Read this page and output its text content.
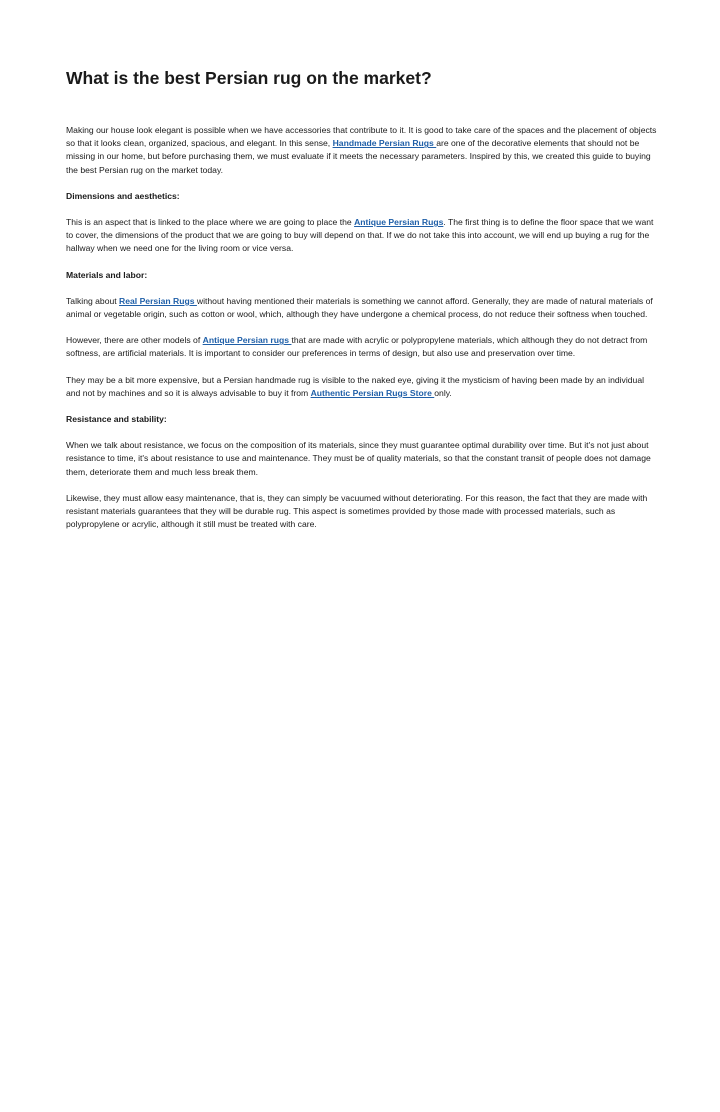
What is the best Persian rug on the market?

Making our house look elegant is possible when we have accessories that contribute to it. It is good to take care of the spaces and the placement of objects so that it looks clean, organized, spacious, and elegant. In this sense, Handmade Persian Rugs are one of the decorative elements that should not be missing in our home, but before purchasing them, we must evaluate if it meets the necessary parameters. Inspired by this, we created this guide to buying the best Persian rug on the market today.

Dimensions and aesthetics:

This is an aspect that is linked to the place where we are going to place the Antique Persian Rugs. The first thing is to define the floor space that we want to cover, the dimensions of the product that we are going to buy will depend on that. If we do not take this into account, we will end up buying a rug for the hallway when we need one for the living room or vice versa.

Materials and labor:

Talking about Real Persian Rugs without having mentioned their materials is something we cannot afford. Generally, they are made of natural materials of animal or vegetable origin, such as cotton or wool, which, although they have undergone a chemical process, do not reduce their softness when touched.

However, there are other models of Antique Persian rugs that are made with acrylic or polypropylene materials, which although they do not detract from softness, are artificial materials. It is important to consider our preferences in terms of design, but also use and preservation over time.

They may be a bit more expensive, but a Persian handmade rug is visible to the naked eye, giving it the mysticism of having been made by an individual and not by machines and so it is always advisable to buy it from Authentic Persian Rugs Store only.

Resistance and stability:

When we talk about resistance, we focus on the composition of its materials, since they must guarantee optimal durability over time. But it's not just about resistance to time, it's about resistance to use and maintenance. They must be of quality materials, so that the constant transit of people does not damage them, deteriorate them and much less break them.

Likewise, they must allow easy maintenance, that is, they can simply be vacuumed without deteriorating. For this reason, the fact that they are made with resistant materials guarantees that they will be durable rug. This aspect is sometimes provided by those made with processed materials, such as polypropylene or acrylic, although it still must be treated with care.
